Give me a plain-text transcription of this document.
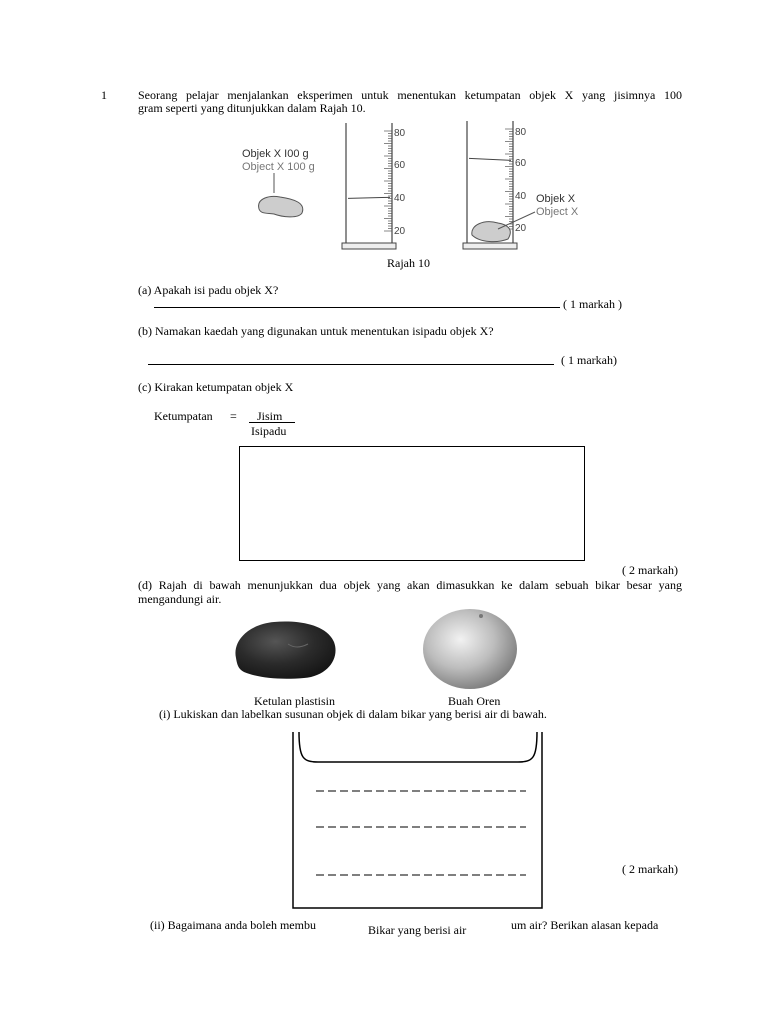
1	Seorang pelajar menjalankan eksperimen untuk menentukan ketumpatan objek X yang jisimnya 100
gram seperti yang ditunjukkan dalam Rajah 10.
Objek X I00 g
Object X 100 g
80
60
40
20
80
60
40
20
Objek X
Object X
Rajah 10
(a) Apakah isi padu objek X?
( 1 markah )
(b) Namakan kaedah yang digunakan untuk menentukan isipadu objek X?
( 1 markah)
(c) Kirakan ketumpatan objek X
Ketumpatan = Jisim
Isipadu
( 2 markah)
(d) Rajah di bawah menunjukkan dua objek yang akan dimasukkan ke dalam sebuah bikar besar yang
mengandungi air.
Ketulan plastisin	Buah Oren
(i) Lukiskan dan labelkan susunan objek di dalam bikar yang berisi air di bawah.
( 2 markah)
(ii) Bagaimana anda boleh membu	Bikar yang berisi air	um air? Berikan alasan kepada
